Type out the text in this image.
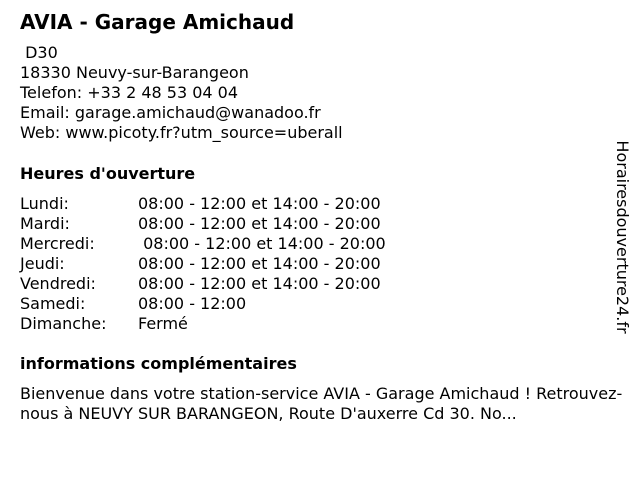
AVIA - Garage Amichaud
D30
18330 Neuvy-sur-Barangeon
Telefon: +33 2 48 53 04 04
Email: garage.amichaud@wanadoo.fr
Web: www.picoty.fr?utm_source=uberall
Heures d'ouverture
Lundi:	08:00 - 12:00 et 14:00 - 20:00
Mardi:	08:00 - 12:00 et 14:00 - 20:00
Mercredi:	08:00 - 12:00 et 14:00 - 20:00
Jeudi:	08:00 - 12:00 et 14:00 - 20:00
Vendredi:	08:00 - 12:00 et 14:00 - 20:00
Samedi:	08:00 - 12:00
Dimanche: Fermé
informations complémentaires
Bienvenue dans votre station-service AVIA - Garage Amichaud ! Retrouvez-nous à NEUVY SUR BARANGEON, Route D'auxerre Cd 30. No...
Horairesdouverture24.fr
